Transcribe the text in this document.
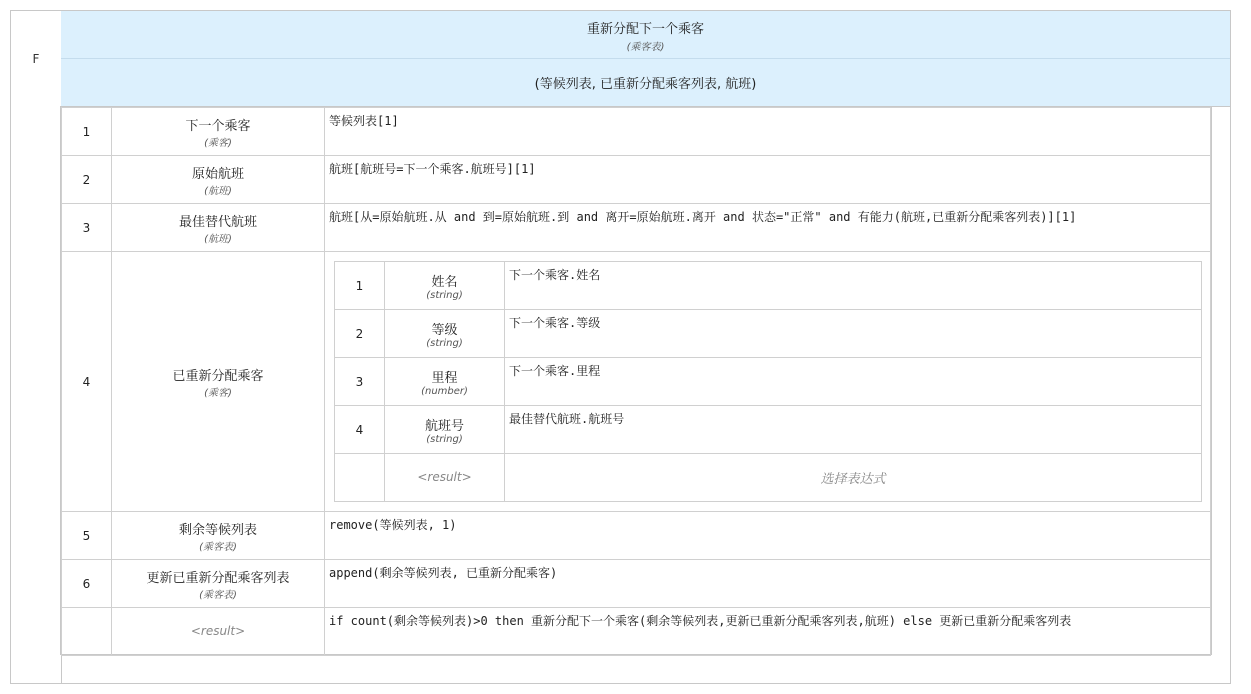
F
重新分配下一个乘客
(乘客表)
(等候列表, 已重新分配乘客列表, 航班)
1	下一个乘客
(乘客)
	等候列表[1]
2	原始航班
(航班)
	航班[航班号=下一个乘客.航班号][1]
3	最佳替代航班
(航班)
	航班[从=原始航班.从 and 到=原始航班.到 and 离开=原始航班.离开 and 状态="正常" and 有能力(航班,已重新分配乘客列表)][1]
4	已重新分配乘客
(乘客)

1	姓名
(string)
	下一个乘客.姓名
2	等级
(string)
	下一个乘客.等级
3	里程
(number)
	下一个乘客.里程
4	航班号
(string)
	最佳替代航班.航班号
	<result>	选择表达式

5	剩余等候列表
(乘客表)
	remove(等候列表, 1)
6	更新已重新分配乘客列表
(乘客表)
	append(剩余等候列表, 已重新分配乘客)
	<result>	if count(剩余等候列表)>0 then 重新分配下一个乘客(剩余等候列表,更新已重新分配乘客列表,航班) else 更新已重新分配乘客列表
